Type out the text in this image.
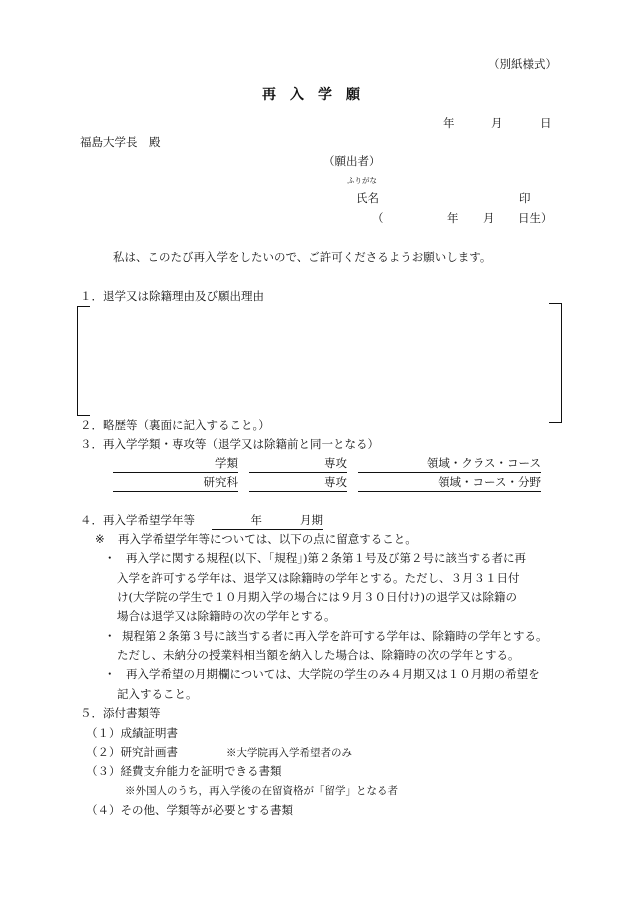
（別紙様式）
再入学願
年	月	日
福島大学長　殿
（願出者）
ふりがな
氏名	印
（	年 月 日生）
私は、このたび再入学をしたいので、ご許可くださるようお願いします。
１．退学又は除籍理由及び願出理由
２．略歴等（裏面に記入すること。）
３．再入学学類・専攻等（退学又は除籍前と同一となる）
学類	専攻	領域・クラス・コース
研究科	専攻	領域・コース・分野
４．再入学希望学年等	年	月期
※ 再入学希望学年等については、以下の点に留意すること。
・ 再入学に関する規程(以下、「規程」)第２条第１号及び第２号に該当する者に再
入学を許可する学年は、退学又は除籍時の学年とする。ただし、３月３１日付
け(大学院の学生で１０月期入学の場合には９月３０日付け)の退学又は除籍の
場合は退学又は除籍時の次の学年とする。
・ 規程第２条第３号に該当する者に再入学を許可する学年は、除籍時の学年とする。
ただし、未納分の授業料相当額を納入した場合は、除籍時の次の学年とする。
・ 再入学希望の月期欄については、大学院の学生のみ４月期又は１０月期の希望を
記入すること。
５．添付書類等
（１）成績証明書
（２）研究計画書	※大学院再入学希望者のみ
（３）経費支弁能力を証明できる書類
※外国人のうち，再入学後の在留資格が「留学」となる者
（４）その他、学類等が必要とする書類
